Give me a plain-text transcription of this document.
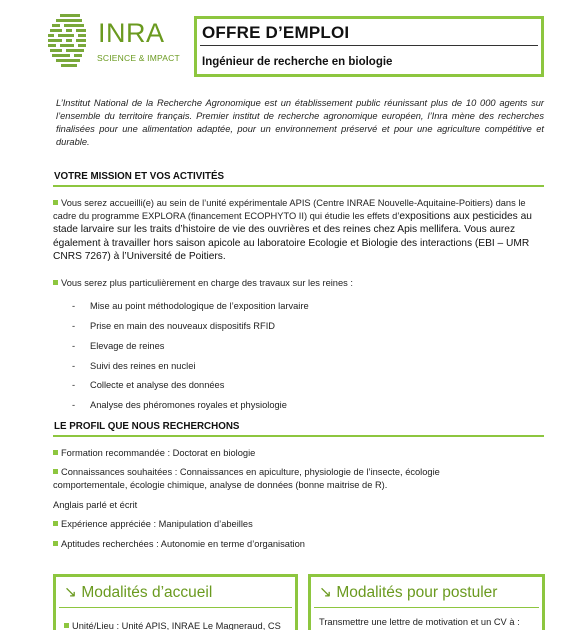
INRA
SCIENCE & IMPACT
OFFRE D’EMPLOI
Ingénieur de recherche en biologie
L’Institut National de la Recherche Agronomique est un établissement public réunissant plus de 10 000 agents sur l’ensemble du territoire français. Premier institut de recherche agronomique européen, l’Inra mène des recherches finalisées pour une alimentation adaptée, pour un environnement préservé et pour une agriculture compétitive et durable.
VOTRE MISSION ET VOS ACTIVITÉS
Vous serez accueilli(e) au sein de l’unité expérimentale APIS (Centre INRAE Nouvelle-Aquitaine-Poitiers) dans le cadre du programme EXPLORA (financement ECOPHYTO II) qui étudie les effets d’expositions aux pesticides au stade larvaire sur les traits d’histoire de vie des ouvrières et des reines chez Apis mellifera. Vous aurez également à travailler hors saison apicole au laboratoire Ecologie et Biologie des interactions (EBI – UMR CNRS 7267) à l’Université de Poitiers.
Vous serez plus particulièrement en charge des travaux sur les reines :
- Mise au point méthodologique de l’exposition larvaire
- Prise en main des nouveaux dispositifs RFID
- Elevage de reines
- Suivi des reines en nuclei
- Collecte et analyse des données
- Analyse des phéromones royales et physiologie
LE PROFIL QUE NOUS RECHERCHONS
Formation recommandée : Doctorat en biologie
Connaissances souhaitées : Connaissances en apiculture, physiologie de l’insecte, écologie comportementale, écologie chimique, analyse de données (bonne maitrise de R).
Anglais parlé et écrit
Expérience appréciée : Manipulation d’abeilles
Aptitudes recherchées : Autonomie en terme d’organisation
↘ Modalités d’accueil
Unité/Lieu : Unité APIS, INRAE Le Magneraud, CS
↘ Modalités pour postuler
Transmettre une lettre de motivation et un CV à :
